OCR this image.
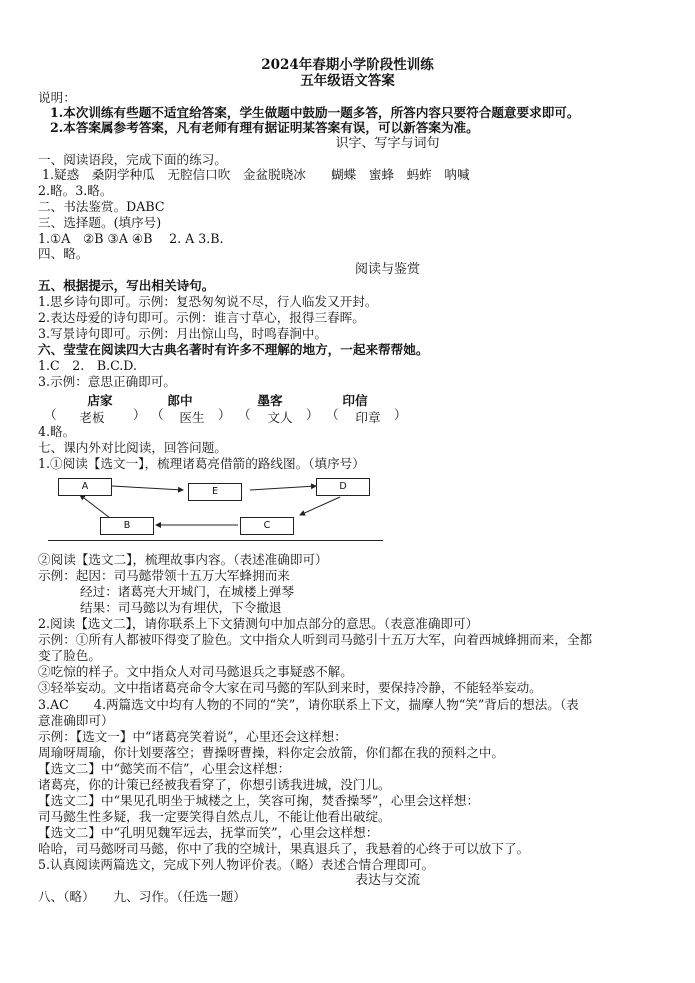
2024年春期小学阶段性训练
五年级语文答案
说明：
1.本次训练有些题不适宜给答案，学生做题中鼓励一题多答，所答内容只要符合题意要求即可。
2.本答案属参考答案，凡有老师有理有据证明某答案有误，可以新答案为准。
识字、写字与词句
一、阅读语段，完成下面的练习。
1.疑惑　桑阴学种瓜　无腔信口吹　金盆脱晓冰　　蝴蝶　蜜蜂　蚂蚱　呐喊
2.略。3.略。
二、书法鉴赏。DABC
三、选择题。(填序号)
1.①A　②B ③A ④B　 2. A 3.B.
四、略。
阅读与鉴赏
五、根据提示，写出相关诗句。
1.思乡诗句即可。示例：复恐匆匆说不尽，行人临发又开封。
2.表达母爱的诗句即可。示例：谁言寸草心，报得三春晖。
3.写景诗句即可。示例：月出惊山鸟，时鸣春涧中。
六、莹莹在阅读四大古典名著时有许多不理解的地方，一起来帮帮她。
1.C　2.　B.C.D.
3.示例：意思正确即可。
店家	郎中	墨客	印信
（	老板	） （	医生	） （	文人	） （	印章	）
4.略。
七、课内外对比阅读，回答问题。
1.①阅读【选文一】，梳理诸葛亮借箭的路线图。（填序号）
A	E	D
B	C
②阅读【选文二】，梳理故事内容。（表述准确即可）
示例：起因：司马懿带领十五万大军蜂拥而来
经过：诸葛亮大开城门，在城楼上弹琴
结果：司马懿以为有埋伏，下令撤退
2.阅读【选文二】，请你联系上下文猜测句中加点部分的意思。（表意准确即可）
示例：①所有人都被吓得变了脸色。文中指众人听到司马懿引十五万大军，向着西城蜂拥而来，全都
变了脸色。
②吃惊的样子。文中指众人对司马懿退兵之事疑惑不解。
③轻举妄动。文中指诸葛亮命令大家在司马懿的军队到来时，要保持冷静，不能轻举妄动。
3.AC　　4.两篇选文中均有人物的不同的“笑”，请你联系上下文，揣摩人物“笑”背后的想法。（表
意准确即可）
示例：【选文一】中“诸葛亮笑着说”，心里还会这样想：
周瑜呀周瑜，你计划要落空；曹操呀曹操，料你定会放箭，你们都在我的预料之中。
【选文二】中“懿笑而不信”，心里会这样想：
诸葛亮，你的计策已经被我看穿了，你想引诱我进城，没门儿。
【选文二】中“果见孔明坐于城楼之上，笑容可掬，焚香操琴”，心里会这样想：
司马懿生性多疑，我一定要笑得自然点儿，不能让他看出破绽。
【选文二】中“孔明见魏军远去，抚掌而笑”，心里会这样想：
哈哈，司马懿呀司马懿，你中了我的空城计，果真退兵了，我悬着的心终于可以放下了。
5.认真阅读两篇选文，完成下列人物评价表。（略）表述合情合理即可。
表达与交流
八、（略）　　九、习作。（任选一题）
